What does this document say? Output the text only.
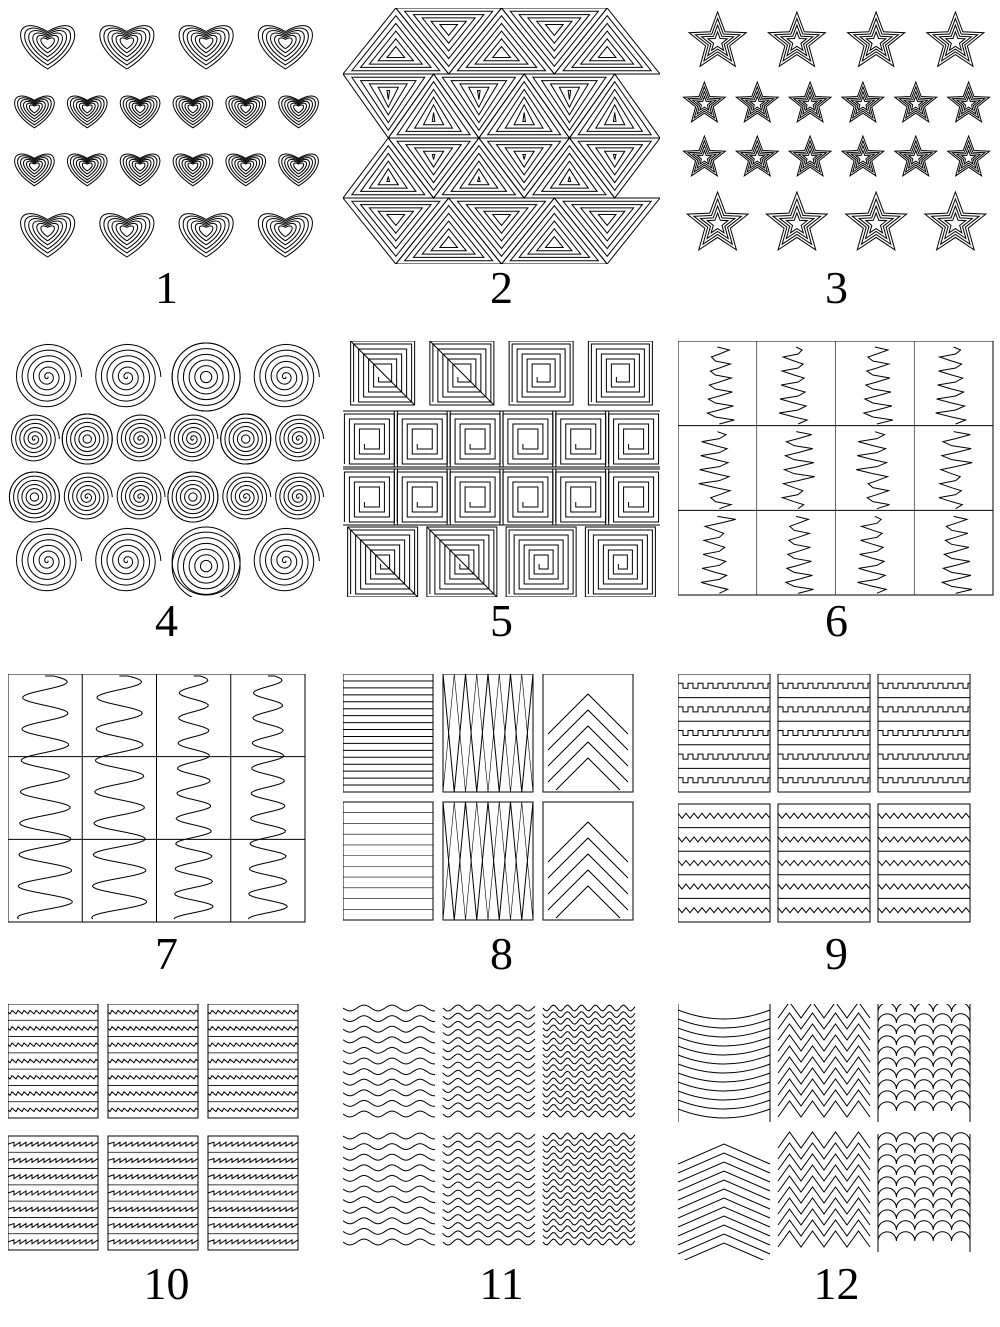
1	2	3
4	5	6
7	8	9
10	11	12
